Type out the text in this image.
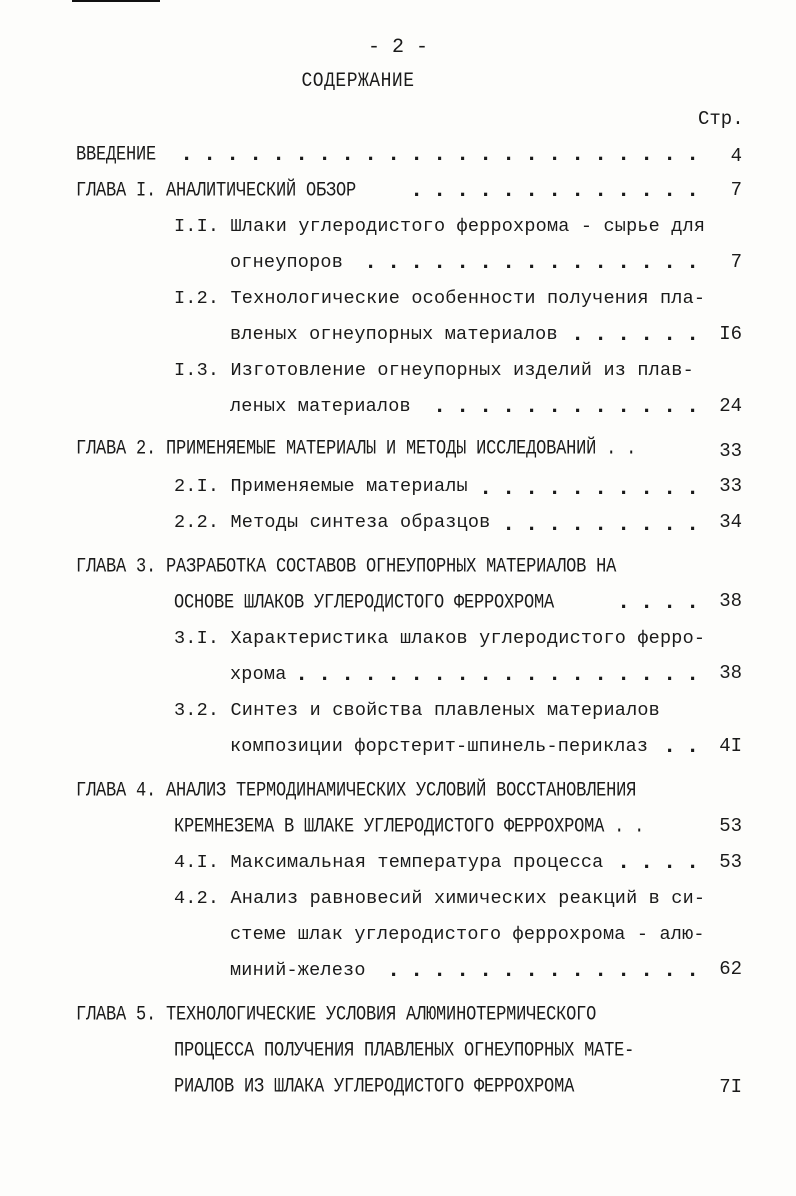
- 2 -
СОДЕРЖАНИЕ
Стр.
ВВЕДЕНИЕ	4
ГЛАВА I. АНАЛИТИЧЕСКИЙ ОБЗОР	7
I.I. Шлаки углеродистого феррохрома - сырье для
огнеупоров	7
I.2. Технологические особенности получения пла-
вленых огнеупорных материалов	I6
I.3. Изготовление огнеупорных изделий из плав-
леных материалов	24
ГЛАВА 2. ПРИМЕНЯЕМЫЕ МАТЕРИАЛЫ И МЕТОДЫ ИССЛЕДОВАНИЙ . .	33
2.I. Применяемые материалы	33
2.2. Методы синтеза образцов	34
ГЛАВА 3. РАЗРАБОТКА СОСТАВОВ ОГНЕУПОРНЫХ МАТЕРИАЛОВ НА
ОСНОВЕ ШЛАКОВ УГЛЕРОДИСТОГО ФЕРРОХРОМА	38
3.I. Характеристика шлаков углеродистого ферро-
хрома	38
3.2. Синтез и свойства плавленых материалов
композиции форстерит-шпинель-периклаз	4I
ГЛАВА 4. АНАЛИЗ ТЕРМОДИНАМИЧЕСКИХ УСЛОВИЙ ВОССТАНОВЛЕНИЯ
КРЕМНЕЗЕМА В ШЛАКЕ УГЛЕРОДИСТОГО ФЕРРОХРОМА . .	53
4.I. Максимальная температура процесса	53
4.2. Анализ равновесий химических реакций в си-
стеме шлак углеродистого феррохрома - алю-
миний-железо	62
ГЛАВА 5. ТЕХНОЛОГИЧЕСКИЕ УСЛОВИЯ АЛЮМИНОТЕРМИЧЕСКОГО
ПРОЦЕССА ПОЛУЧЕНИЯ ПЛАВЛЕНЫХ ОГНЕУПОРНЫХ МАТЕ-
РИАЛОВ ИЗ ШЛАКА УГЛЕРОДИСТОГО ФЕРРОХРОМА	7I
.
.
.
.
.
.
.
.
.
.
.
.
.
.
.
.
.
.
.
.
.
.
.
.
.
.
.
.
.
.
.
.
.
.
.
.
.
.
.
.
.
.
.
.
.
.
.
.
.
.
.
.
.
.
.
.
.
.
.
.
.
.
.
.
.
.
.
.
.
.
.
.
.
.
.
.
.
.
.
.
.
.
.
.
.
.
.
.
.
.
.
.
.
.
.
.
.
.
.
.
.
.
.
.
.
.
.
.
.
.
.
.
.
.
.
.
.
.
.
.
.
.
.
.
.
.
.
.
.
.
